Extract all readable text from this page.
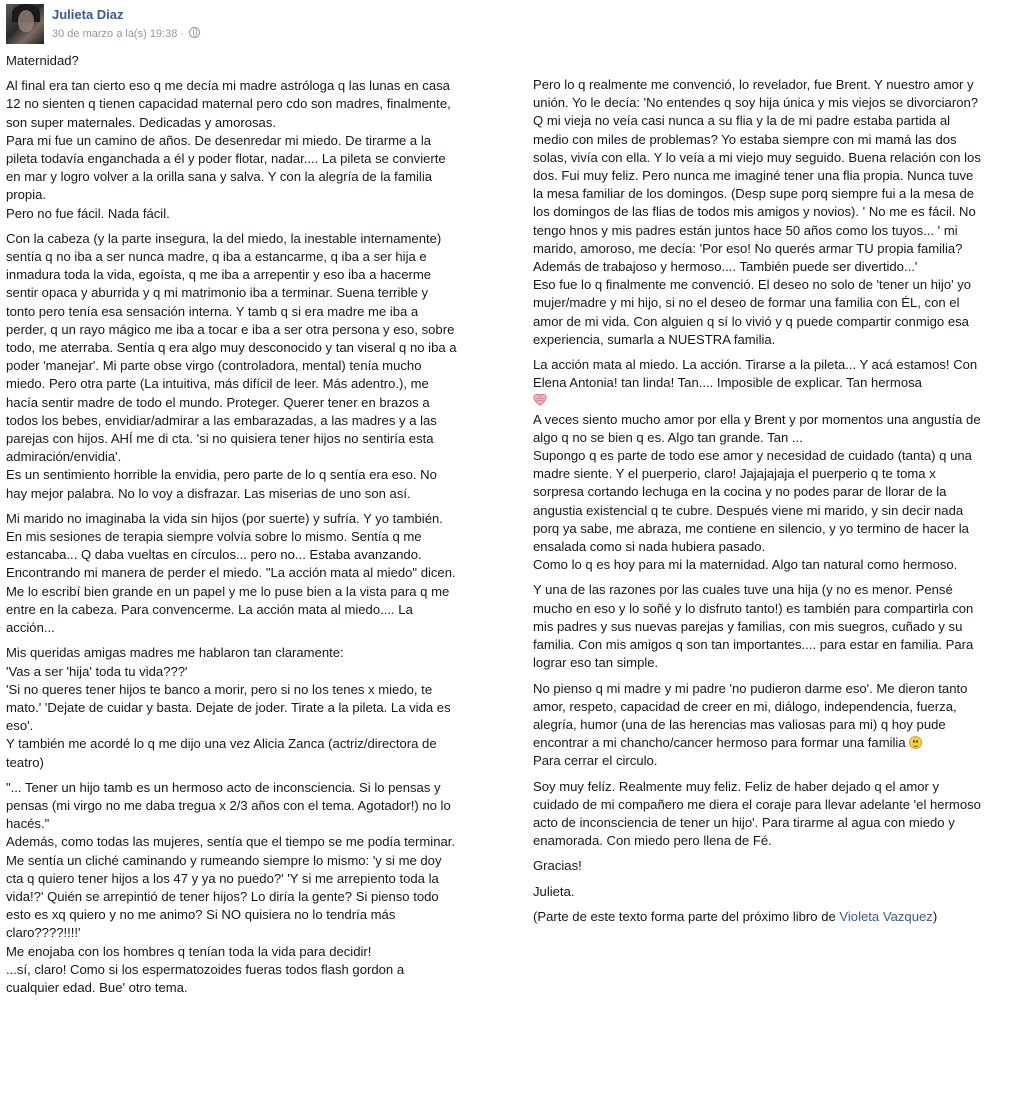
Julieta Diaz
30 de marzo a la(s) 19:38 ·

Maternidad?

Al final era tan cierto eso q me decía mi madre astróloga q las lunas en casa 12 no sienten q tienen capacidad maternal pero cdo son madres, finalmente, son super maternales. Dedicadas y amorosas.
Para mi fue un camino de años. De desenredar mi miedo. De tirarme a la pileta todavía enganchada a él y poder flotar, nadar.... La pileta se convierte en mar y logro volver a la orilla sana y salva. Y con la alegría de la familia propia.
Pero no fue fácil. Nada fácil.

Con la cabeza (y la parte insegura, la del miedo, la inestable internamente) sentía q no iba a ser nunca madre, q iba a estancarme, q iba a ser hija e inmadura toda la vida, egoísta, q me iba a arrepentir y eso iba a hacerme sentir opaca y aburrida y q mi matrimonio iba a terminar. Suena terrible y tonto pero tenía esa sensación interna. Y tamb q si era madre me iba a perder, q un rayo mágico me iba a tocar e iba a ser otra persona y eso, sobre todo, me aterraba. Sentía q era algo muy desconocido y tan viseral q no iba a poder 'manejar'. Mi parte obse virgo (controladora, mental) tenía mucho miedo. Pero otra parte (La intuitiva, más difícil de leer. Más adentro.), me hacía sentir madre de todo el mundo. Proteger. Querer tener en brazos a todos los bebes, envidiar/admirar a las embarazadas, a las madres y a las parejas con hijos. AHÍ me di cta. 'si no quisiera tener hijos no sentiría esta admiración/envidia'.
Es un sentimiento horrible la envidia, pero parte de lo q sentía era eso. No hay mejor palabra. No lo voy a disfrazar. Las miserias de uno son así.

Mi marido no imaginaba la vida sin hijos (por suerte) y sufría. Y yo también.
En mis sesiones de terapia siempre volvía sobre lo mismo. Sentía q me estancaba... Q daba vueltas en círculos... pero no... Estaba avanzando. Encontrando mi manera de perder el miedo. "La acción mata al miedo" dicen. Me lo escribí bien grande en un papel y me lo puse bien a la vista para q me entre en la cabeza. Para convencerme. La acción mata al miedo.... La acción...

Mis queridas amigas madres me hablaron tan claramente:
'Vas a ser 'hija' toda tu vida???'
'Si no queres tener hijos te banco a morir, pero si no los tenes x miedo, te mato.' 'Dejate de cuidar y basta. Dejate de joder. Tirate a la pileta. La vida es eso'.
Y también me acordé lo q me dijo una vez Alicia Zanca (actriz/directora de teatro)

"... Tener un hijo tamb es un hermoso acto de inconsciencia. Si lo pensas y pensas (mi virgo no me daba tregua x 2/3 años con el tema. Agotador!) no lo hacés."
Además, como todas las mujeres, sentía que el tiempo se me podía terminar. Me sentía un cliché caminando y rumeando siempre lo mismo: 'y si me doy cta q quiero tener hijos a los 47 y ya no puedo?' 'Y si me arrepiento toda la vida!?' Quién se arrepintió de tener hijos? Lo diría la gente? Si pienso todo esto es xq quiero y no me animo? Si NO quisiera no lo tendría más claro????!!!!'
Me enojaba con los hombres q tenían toda la vida para decidir!
...sí, claro! Como si los espermatozoides fueras todos flash gordon a cualquier edad. Bue' otro tema.

Pero lo q realmente me convenció, lo revelador, fue Brent. Y nuestro amor y unión. Yo le decía: 'No entendes q soy hija única y mis viejos se divorciaron? Q mi vieja no veía casi nunca a su flia y la de mi padre estaba partida al medio con miles de problemas? Yo estaba siempre con mi mamá las dos solas, vivía con ella. Y lo veía a mi viejo muy seguido. Buena relación con los dos. Fui muy feliz. Pero nunca me imaginé tener una flia propia. Nunca tuve la mesa familiar de los domingos. (Desp supe porq siempre fui a la mesa de los domingos de las flias de todos mis amigos y novios). ' No me es fácil. No tengo hnos y mis padres están juntos hace 50 años como los tuyos... ' mi marido, amoroso, me decía: 'Por eso! No querés armar TU propia familia? Además de trabajoso y hermoso.... También puede ser divertido...'
Eso fue lo q finalmente me convenció. El deseo no solo de 'tener un hijo' yo mujer/madre y mi hijo, si no el deseo de formar una familia con ÉL, con el amor de mi vida. Con alguien q sí lo vivió y q puede compartir conmigo esa experiencia, sumarla a NUESTRA familia.

La acción mata al miedo. La acción. Tirarse a la pileta... Y acá estamos! Con Elena Antonia! tan linda! Tan.... Imposible de explicar. Tan hermosa

A veces siento mucho amor por ella y Brent y por momentos una angustía de algo q no se bien q es. Algo tan grande. Tan ...
Supongo q es parte de todo ese amor y necesidad de cuidado (tanta) q una madre siente. Y el puerperio, claro! Jajajajaja el puerperio q te toma x sorpresa cortando lechuga en la cocina y no podes parar de llorar de la angustia existencial q te cubre. Después viene mi marido, y sin decir nada porq ya sabe, me abraza, me contiene en silencio, y yo termino de hacer la ensalada como si nada hubiera pasado.
Como lo q es hoy para mi la maternidad. Algo tan natural como hermoso.

Y una de las razones por las cuales tuve una hija (y no es menor. Pensé mucho en eso y lo soñé y lo disfruto tanto!) es también para compartirla con mis padres y sus nuevas parejas y familias, con mis suegros, cuñado y su familia. Con mis amigos q son tan importantes.... para estar en familia. Para lograr eso tan simple.

No pienso q mi madre y mi padre 'no pudieron darme eso'. Me dieron tanto amor, respeto, capacidad de creer en mi, diálogo, independencia, fuerza, alegría, humor (una de las herencias mas valiosas para mi) q hoy pude encontrar a mi chancho/cancer hermoso para formar una familia

Para cerrar el circulo.

Soy muy felíz. Realmente muy feliz. Feliz de haber dejado q el amor y cuidado de mi compañero me diera el coraje para llevar adelante 'el hermoso acto de inconsciencia de tener un hijo'. Para tirarme al agua con miedo y enamorada. Con miedo pero llena de Fé.

Gracias!

Julieta.

(Parte de este texto forma parte del próximo libro de Violeta Vazquez)
